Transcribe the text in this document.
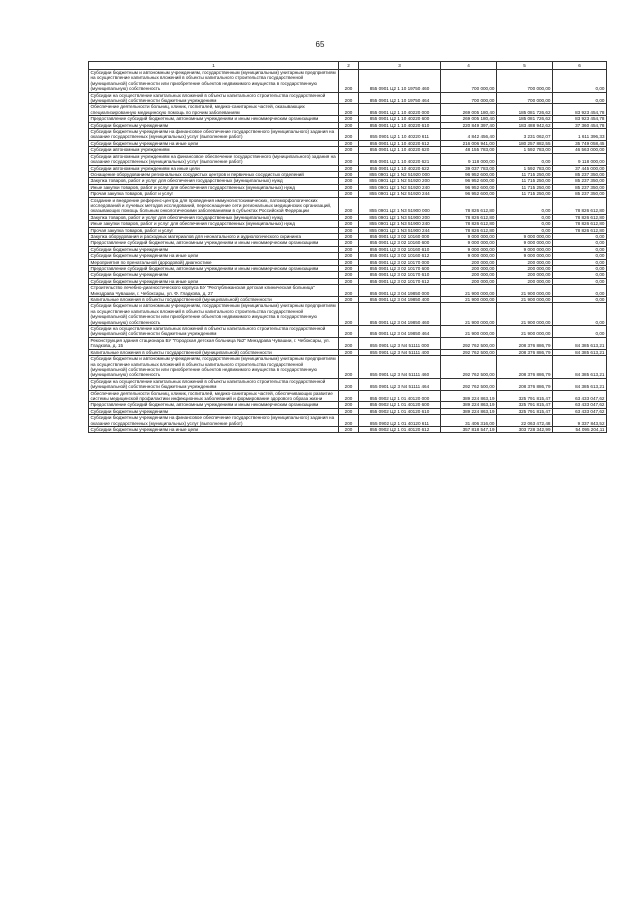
65
1	2	3	4	5	6
Субсидии бюджетным и автономным учреждениям, государственным (муниципальным) унитарным предприятиям на осуществление капитальных вложений в объекты капитального строительства государственной (муниципальной) собственности или приобретение объектов недвижимого имущества в государственную (муниципальную) собственность	200	855 0901 Ц2 1 10 19750 460	700 000,00	700 000,00	0,00
Субсидии на осуществление капитальных вложений в объекты капитального строительства государственной (муниципальной) собственности бюджетным учреждениям	200	855 0901 Ц2 1 10 19750 464	700 000,00	700 000,00	0,00
Обеспечение деятельности больниц, клиник, госпиталей, медико-санитарных частей, оказывающих специализированную медицинскую помощь по прочим заболеваниям	200	855 0901 Ц2 1 10 40220 000	269 005 180,40	185 081 726,62	83 923 454,78
Предоставление субсидий бюджетным, автономным учреждениям и иным некоммерческим организациям	200	855 0901 Ц2 1 10 40220 600	269 005 180,40	185 081 726,62	83 923 454,78
Субсидии бюджетным учреждениям	200	855 0901 Ц2 1 10 40220 610	220 849 397,40	183 488 942,62	37 360 454,78
Субсидии бюджетным учреждениям на финансовое обеспечение государственного (муниципального) задания на оказание государственных (муниципальных) услуг (выполнение работ)	200	855 0901 Ц2 1 10 40220 611	4 842 456,40	3 231 062,07	1 611 396,33
Субсидии бюджетным учреждениям на иные цели	200	855 0901 Ц2 1 10 40220 612	216 006 941,00	180 257 882,55	35 749 058,45
Субсидии автономным учреждениям	200	855 0901 Ц2 1 10 40220 620	48 155 783,00	1 592 783,00	46 563 000,00
Субсидии автономным учреждениям на финансовое обеспечение государственного (муниципального) задания на оказание государственных (муниципальных) услуг (выполнение работ)	200	855 0901 Ц2 1 10 40220 621	9 118 000,00	0,00	9 118 000,00
Субсидии автономным учреждениям на иные цели	200	855 0901 Ц2 1 10 40220 622	39 037 783,00	1 592 783,00	37 445 000,00
Оснащение оборудованием региональных сосудистых центров и первичных сосудистых отделений	200	855 0901 Ц2 1 N2 51920 000	96 952 600,00	11 715 250,00	85 237 350,00
Закупка товаров, работ и услуг для обеспечения государственных (муниципальных) нужд	200	855 0901 Ц2 1 N2 51920 200	96 952 600,00	11 715 250,00	85 237 350,00
Иные закупки товаров, работ и услуг для обеспечения государственных (муниципальных) нужд	200	855 0901 Ц2 1 N2 51920 240	96 952 600,00	11 715 250,00	85 237 350,00
Прочая закупка товаров, работ и услуг	200	855 0901 Ц2 1 N2 51920 244	96 952 600,00	11 715 250,00	85 237 350,00
Создание и внедрение референс-центра для проведения иммуногистохимических, патоморфологических исследований и лучевых методов исследований, переоснащение сети региональных медицинских организаций, оказывающих помощь больным онкологическими заболеваниями в субъектах Российской Федерации	200	855 0901 Ц2 1 N3 51900 000	78 826 612,80	0,00	78 826 612,80
Закупка товаров, работ и услуг для обеспечения государственных (муниципальных) нужд	200	855 0901 Ц2 1 N3 51900 200	78 826 612,80	0,00	78 826 612,80
Иные закупки товаров, работ и услуг для обеспечения государственных (муниципальных) нужд	200	855 0901 Ц2 1 N3 51900 240	78 826 612,80	0,00	78 826 612,80
Прочая закупка товаров, работ и услуг	200	855 0901 Ц2 1 N3 51900 244	78 826 612,80	0,00	78 826 612,80
Закупка оборудования и расходных материалов для неонатального и аудиологического скрининга	200	855 0901 Ц2 3 02 10160 000	9 000 000,00	9 000 000,00	0,00
Предоставление субсидий бюджетным, автономным учреждениям и иным некоммерческим организациям	200	855 0901 Ц2 3 02 10160 600	9 000 000,00	9 000 000,00	0,00
Субсидии бюджетным учреждениям	200	855 0901 Ц2 3 02 10160 610	9 000 000,00	9 000 000,00	0,00
Субсидии бюджетным учреждениям на иные цели	200	855 0901 Ц2 3 02 10160 612	9 000 000,00	9 000 000,00	0,00
Мероприятия по пренатальной (дородовой) диагностике	200	855 0901 Ц2 3 02 10170 000	200 000,00	200 000,00	0,00
Предоставление субсидий бюджетным, автономным учреждениям и иным некоммерческим организациям	200	855 0901 Ц2 3 02 10170 600	200 000,00	200 000,00	0,00
Субсидии бюджетным учреждениям	200	855 0901 Ц2 3 02 10170 610	200 000,00	200 000,00	0,00
Субсидии бюджетным учреждениям на иные цели	200	855 0901 Ц2 3 02 10170 612	200 000,00	200 000,00	0,00
Строительство лечебно-диагностического корпуса БУ "Республиканская детская клиническая больница" Минздрава Чувашии, г. Чебоксары, ул. Ф. Гладкова, д. 27	200	855 0901 Ц2 3 04 19850 000	21 900 000,00	21 900 000,00	0,00
Капитальные вложения в объекты государственной (муниципальной) собственности	200	855 0901 Ц2 3 04 19850 400	21 900 000,00	21 900 000,00	0,00
Субсидии бюджетным и автономным учреждениям, государственным (муниципальным) унитарным предприятиям на осуществление капитальных вложений в объекты капитального строительства государственной (муниципальной) собственности или приобретение объектов недвижимого имущества в государственную (муниципальную) собственность	200	855 0901 Ц2 3 04 19850 460	21 900 000,00	21 900 000,00	0,00
Субсидии на осуществление капитальных вложений в объекты капитального строительства государственной (муниципальной) собственности бюджетным учреждениям	200	855 0901 Ц2 3 04 19850 464	21 900 000,00	21 900 000,00	0,00
Реконструкция здания стационара БУ "Городская детская больница №2" Минздрава Чувашии, г. Чебоксары, ул. Гладкова, д. 15	200	855 0901 Ц2 3 N4 51111 000	292 762 500,00	208 376 886,79	84 385 613,21
Капитальные вложения в объекты государственной (муниципальной) собственности	200	855 0901 Ц2 3 N4 51111 400	292 762 500,00	208 376 886,79	84 385 613,21
Субсидии бюджетным и автономным учреждениям, государственным (муниципальным) унитарным предприятиям на осуществление капитальных вложений в объекты капитального строительства государственной (муниципальной) собственности или приобретение объектов недвижимого имущества в государственную (муниципальную) собственность	200	855 0901 Ц2 3 N4 51111 460	292 762 500,00	208 376 886,79	84 385 613,21
Субсидии на осуществление капитальных вложений в объекты капитального строительства государственной (муниципальной) собственности бюджетным учреждениям	200	855 0901 Ц2 3 N4 51111 464	292 762 500,00	208 376 886,79	84 385 613,21
Обеспечение деятельности больниц, клиник, госпиталей, медико-санитарных частей, обеспечивающих развитие системы медицинской профилактики инфекционных заболеваний и формирование здорового образа жизни	200	855 0902 Ц2 1 01 40120 000	389 224 863,19	325 791 815,47	63 433 047,62
Предоставление субсидий бюджетным, автономным учреждениям и иным некоммерческим организациям	200	855 0902 Ц2 1 01 40120 600	389 224 863,19	325 791 815,47	63 433 047,62
Субсидии бюджетным учреждениям	200	855 0902 Ц2 1 01 40120 610	389 224 863,19	325 791 815,47	63 433 047,62
Субсидии бюджетным учреждениям на финансовое обеспечение государственного (муниципального) задания на оказание государственных (муниципальных) услуг (выполнение работ)	200	855 0902 Ц2 1 01 40120 611	31 406 316,00	22 063 472,48	9 337 843,52
Субсидии бюджетным учреждениям на иные цели	200	855 0902 Ц2 1 01 40120 612	357 818 547,19	303 728 342,99	54 095 204,11
